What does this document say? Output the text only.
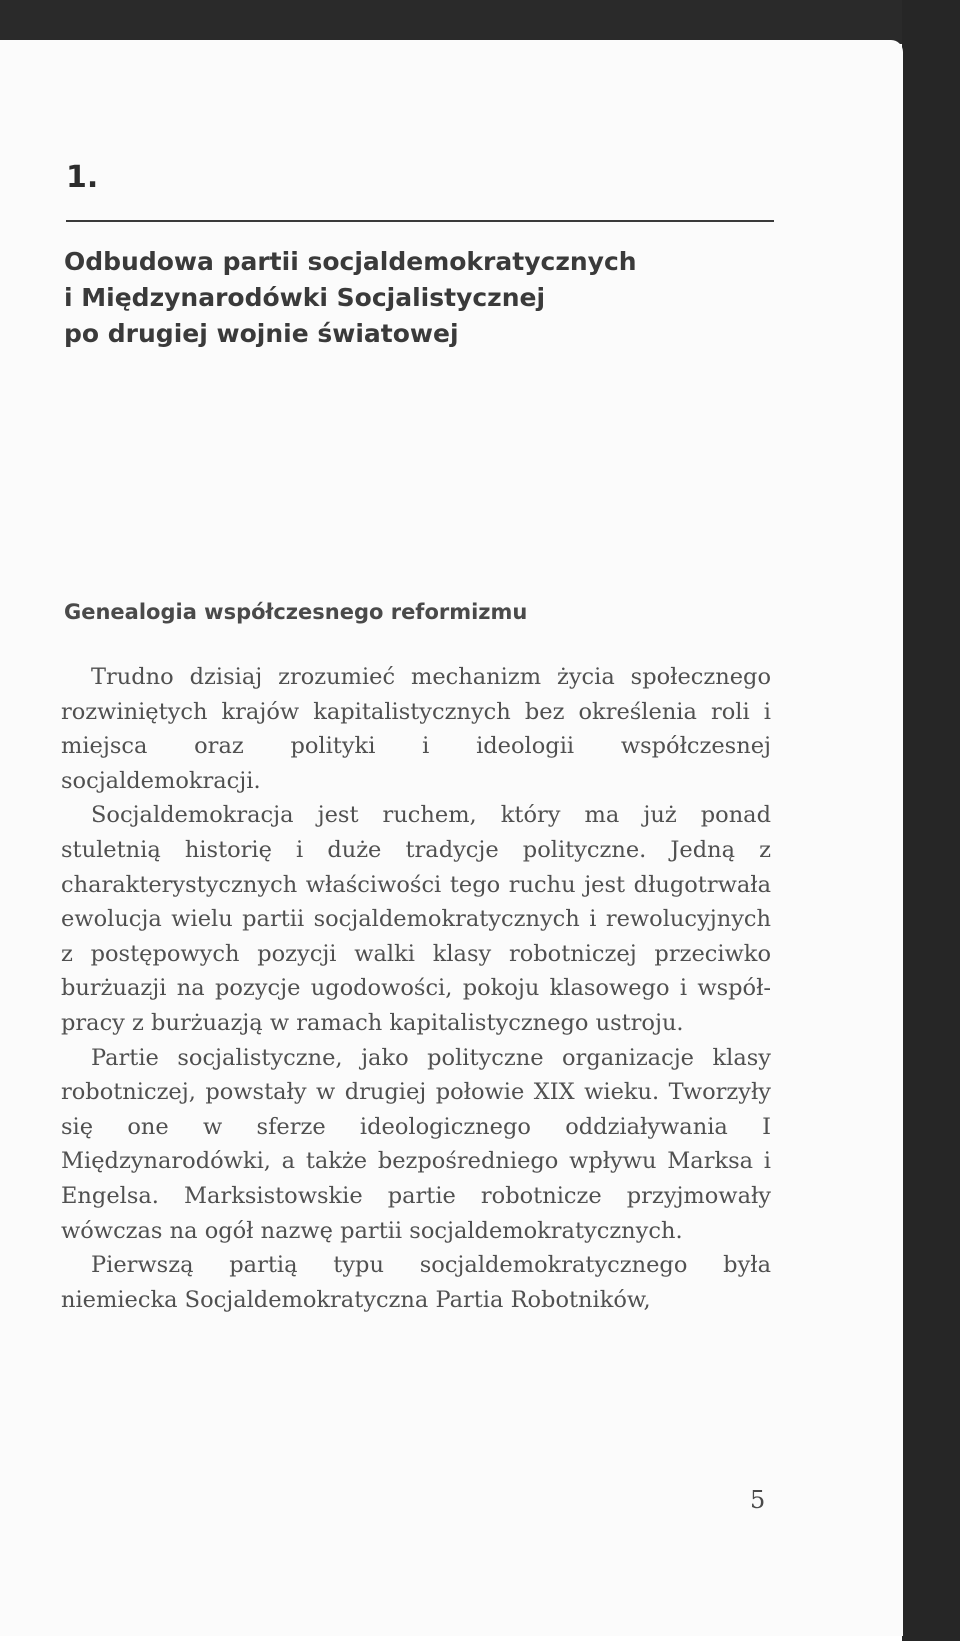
1.
Odbudowa partii socjaldemokratycznych
i Międzynarodówki Socjalistycznej
po drugiej wojnie światowej
Genealogia współczesnego reformizmu

Trudno dzisiaj zrozumieć mechanizm życia społecznego rozwiniętych krajów kapitalistycznych bez określenia roli i miejsca oraz polityki i ideologii współczesnej socjaldemokracji.

Socjaldemokracja jest ruchem, który ma już ponad stuletnią historię i duże tradycje polityczne. Jedną z charakterystycznych właściwości tego ruchu jest długotrwała ewolucja wielu partii socjaldemokratycznych i rewolucyjnych z postępowych pozycji walki klasy robotniczej przeciwko burżuazji na pozycje ugodowości, pokoju klasowego i współpracy z burżuazją w ramach kapitalistycznego ustroju.

Partie socjalistyczne, jako polityczne organizacje klasy robotniczej, powstały w drugiej połowie XIX wieku. Tworzyły się one w sferze ideologicznego oddziaływania I Międzynarodówki, a także bezpośredniego wpływu Marksa i Engelsa. Marksistowskie partie robotnicze przyjmowały wówczas na ogół nazwę partii socjaldemokratycznych.

Pierwszą partią typu socjaldemokratycznego była niemiecka Socjaldemokratyczna Partia Robotników,

5
